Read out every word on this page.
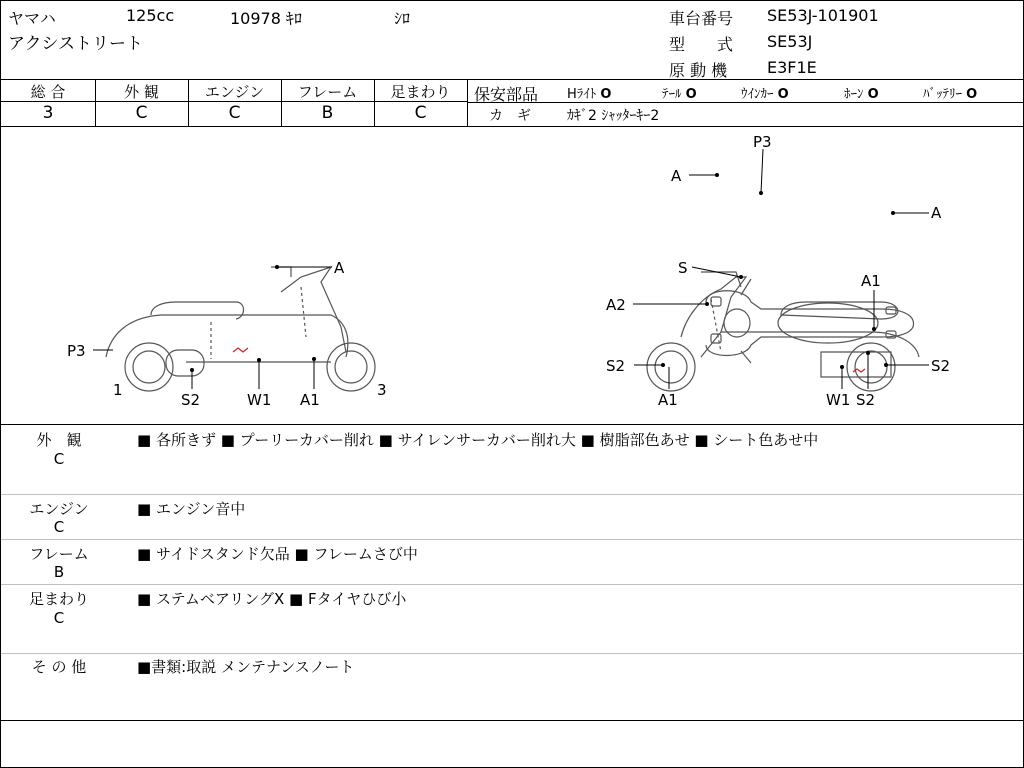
ヤマハ	125cc	10978 ｷﾛ	ｼﾛ
アクシストリート
車台番号 SE53J-101901
型　　式 SE53J
原 動 機 E3F1E
総 合
3
外 観
C
エンジン
C
フレーム
B
足まわり
C
保安部品 Hﾗｲﾄ O	ﾃｰﾙ O	ｳｲﾝｶｰ O	ﾎｰﾝ O	ﾊﾞｯﾃﾘｰ O
カ　ギ	ｶｷﾞ2 ｼｬｯﾀｰｷｰ2
P3
A
A
A
P3
1
S2	W1 A1
3
S
A1
A2
S2	S2
A1	W1 S2
外　観
C
■ 各所きず ■ プーリーカバー削れ ■ サイレンサーカバー削れ大 ■ 樹脂部色あせ ■ シート色あせ中
エンジン
C
■ エンジン音中
フレーム
B
■ サイドスタンド欠品 ■ フレームさび中
足まわり
C
■ ステムベアリングX ■ Fタイヤひび小
そ の 他	■書類:取説 メンテナンスノート
